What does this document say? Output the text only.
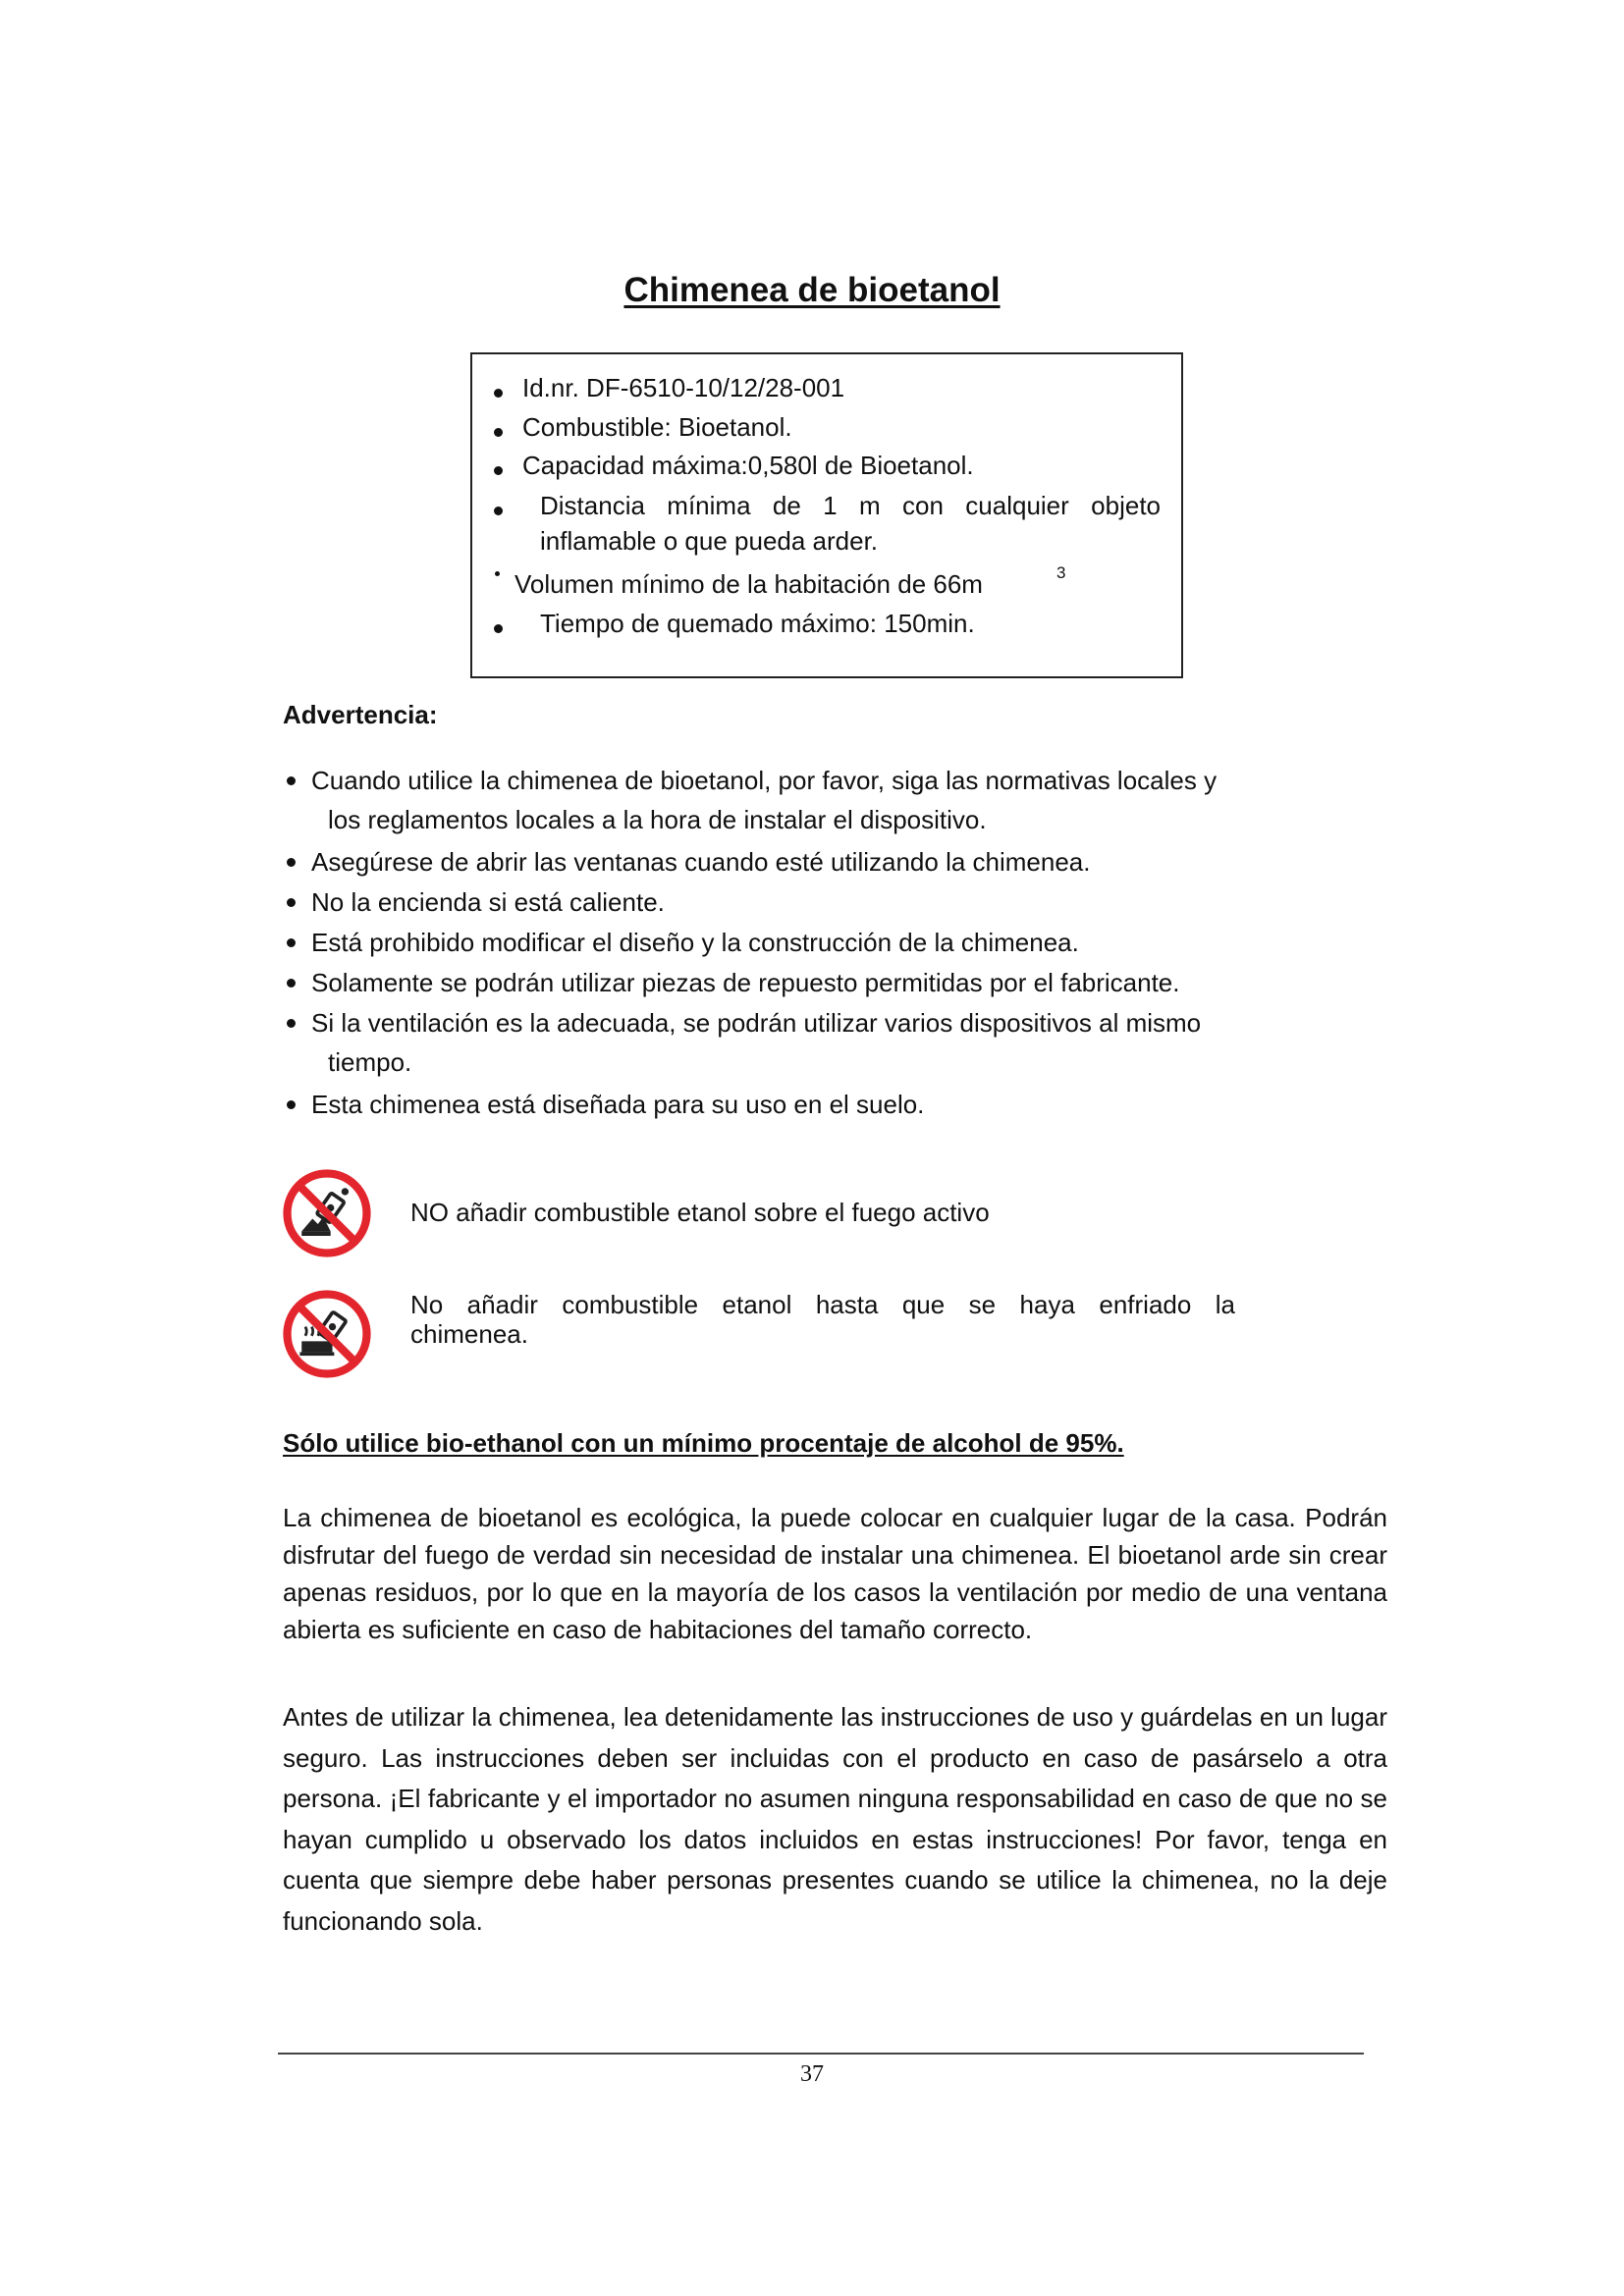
Chimenea de bioetanol
Id.nr. DF-6510-10/12/28-001
Combustible: Bioetanol.
Capacidad máxima:0,580l de Bioetanol.
Distancia mínima de 1 m con cualquier objeto
inflamable o que pueda arder.
Volumen mínimo de la habitación de 66m	3
Tiempo de quemado máximo: 150min.
Advertencia:
Cuando utilice la chimenea de bioetanol, por favor, siga las normativas locales y
los reglamentos locales a la hora de instalar el dispositivo.
Asegúrese de abrir las ventanas cuando esté utilizando la chimenea.
No la encienda si está caliente.
Está prohibido modificar el diseño y la construcción de la chimenea.
Solamente se podrán utilizar piezas de repuesto permitidas por el fabricante.
Si la ventilación es la adecuada, se podrán utilizar varios dispositivos al mismo
tiempo.
Esta chimenea está diseñada para su uso en el suelo.
NO añadir combustible etanol sobre el fuego activo
No añadir combustible etanol hasta que se haya enfriado la
chimenea.

Sólo utilice bio-ethanol con un mínimo procentaje de alcohol de 95%.

La chimenea de bioetanol es ecológica, la puede colocar en cualquier lugar de la casa. Podrán disfrutar del fuego de verdad sin necesidad de instalar una chimenea. El bioetanol arde sin crear apenas residuos, por lo que en la mayoría de los casos la ventilación por medio de una ventana abierta es suficiente en caso de habitaciones del tamaño correcto.

Antes de utilizar la chimenea, lea detenidamente las instrucciones de uso y guárdelas en un lugar seguro. Las instrucciones deben ser incluidas con el producto en caso de pasárselo a otra persona. ¡El fabricante y el importador no asumen ninguna responsabilidad en caso de que no se hayan cumplido u observado los datos incluidos en estas instrucciones! Por favor, tenga en cuenta que siempre debe haber personas presentes cuando se utilice la chimenea, no la deje funcionando sola.

37
